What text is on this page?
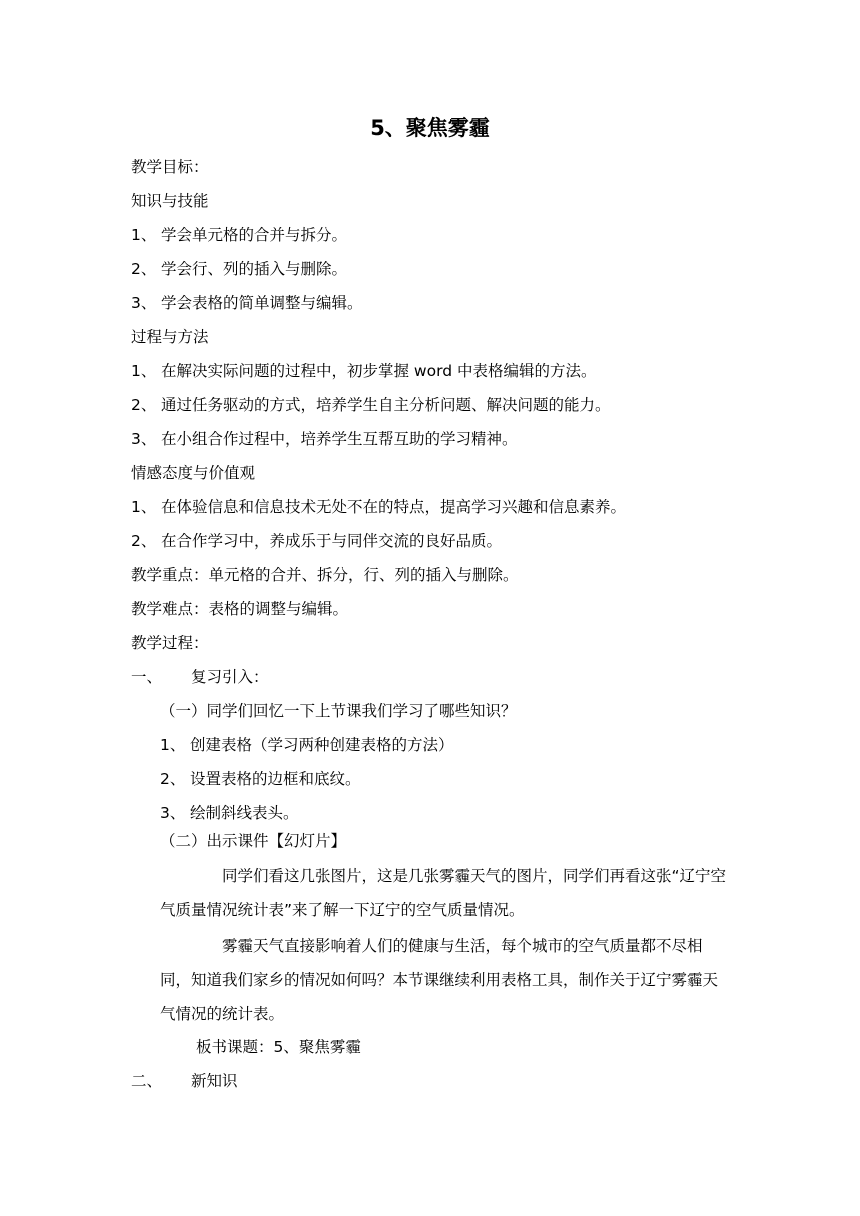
5、聚焦雾霾
教学目标：
知识与技能
1、 学会单元格的合并与拆分。
2、 学会行、列的插入与删除。
3、 学会表格的简单调整与编辑。
过程与方法
1、 在解决实际问题的过程中，初步掌握 word 中表格编辑的方法。
2、 通过任务驱动的方式，培养学生自主分析问题、解决问题的能力。
3、 在小组合作过程中，培养学生互帮互助的学习精神。
情感态度与价值观
1、 在体验信息和信息技术无处不在的特点，提高学习兴趣和信息素养。
2、 在合作学习中，养成乐于与同伴交流的良好品质。
教学重点：单元格的合并、拆分，行、列的插入与删除。
教学难点：表格的调整与编辑。
教学过程：
一、 复习引入：
（一）同学们回忆一下上节课我们学习了哪些知识？
1、 创建表格（学习两种创建表格的方法）
2、 设置表格的边框和底纹。
3、 绘制斜线表头。
（二）出示课件【幻灯片】
同学们看这几张图片，这是几张雾霾天气的图片，同学们再看这张“辽宁空气质量情况统计表”来了解一下辽宁的空气质量情况。
雾霾天气直接影响着人们的健康与生活，每个城市的空气质量都不尽相同，知道我们家乡的情况如何吗？本节课继续利用表格工具，制作关于辽宁雾霾天气情况的统计表。
板书课题：5、聚焦雾霾
二、 新知识
